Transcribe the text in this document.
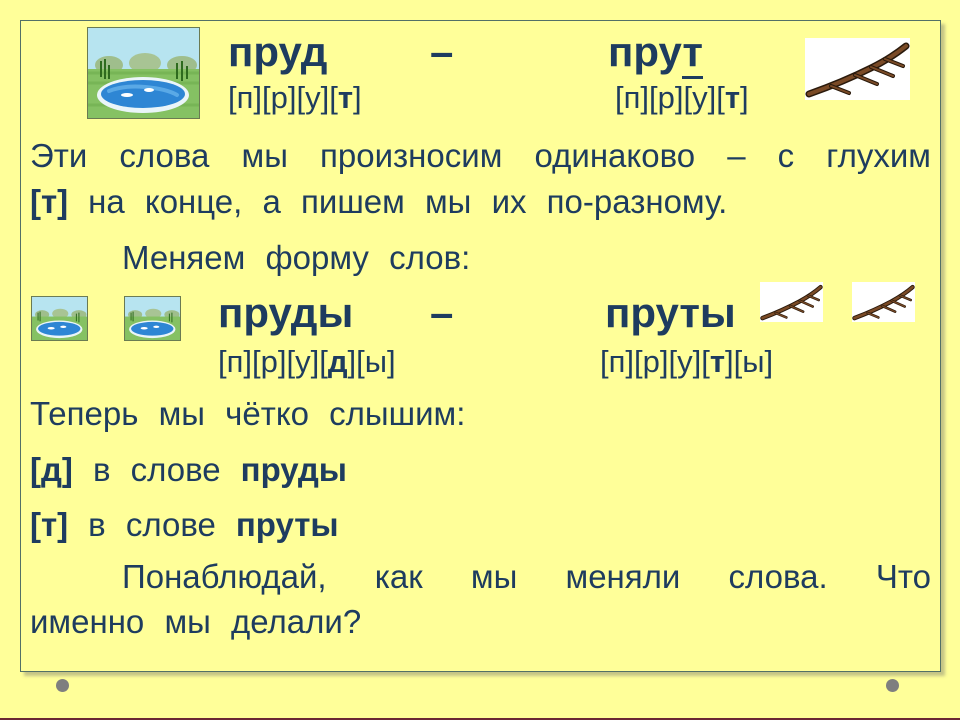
пруд –	прут
[п][р][у][т]	[п][р][у][т]
Эти слова мы произносим одинаково – с глухим
[т] на конце, а пишем мы их по-разному.
Меняем форму слов:
пруды –	пруты
[п][р][у][д][ы]	[п][р][у][т][ы]
Теперь мы чётко слышим:
[д] в слове пруды
[т] в слове пруты
Понаблюдай, как мы меняли слова. Что
именно мы делали?
